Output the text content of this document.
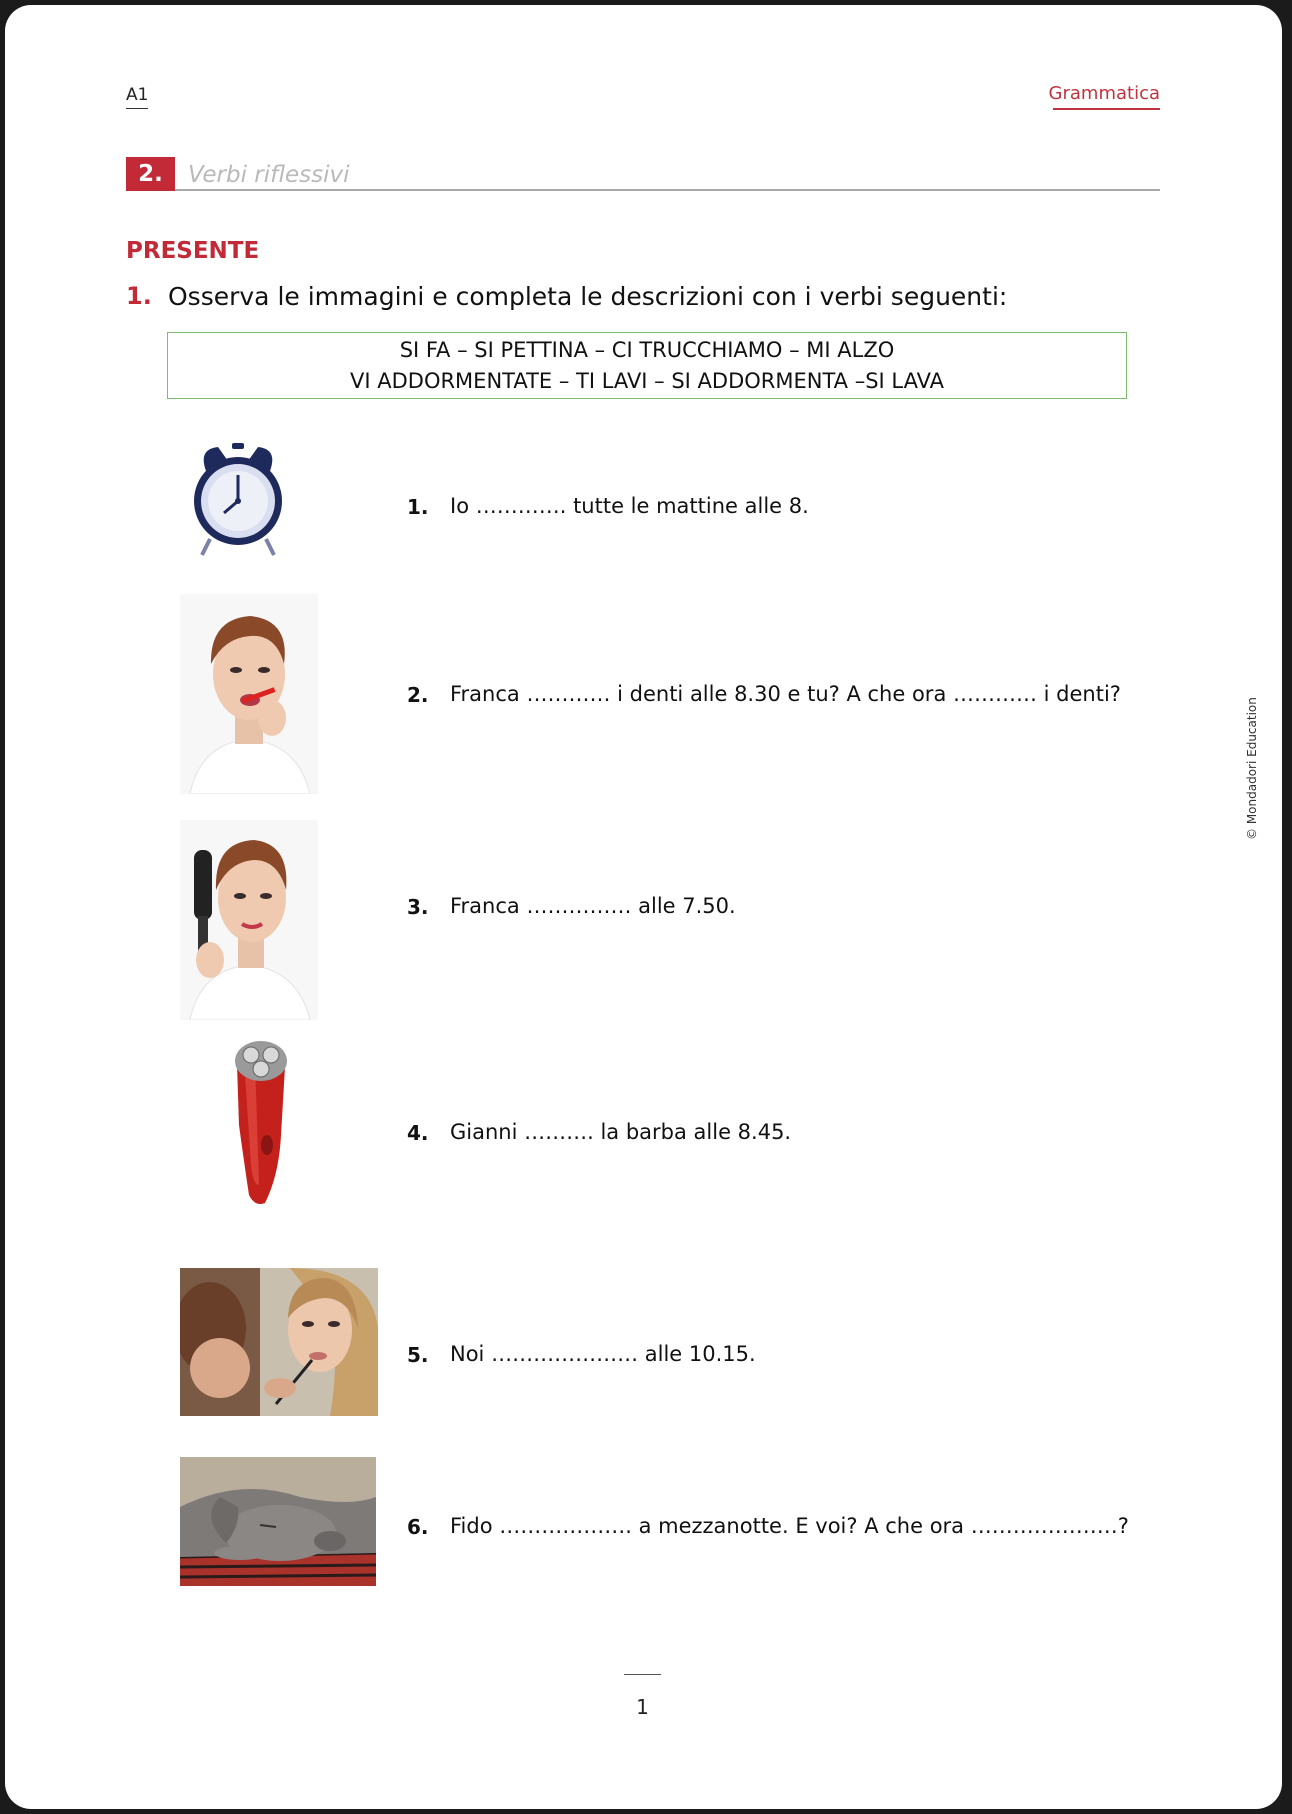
A1	Grammatica
2.	Verbi riflessivi
PRESENTE
1. Osserva le immagini e completa le descrizioni con i verbi seguenti:
SI FA – SI PETTINA – CI TRUCCHIAMO – MI ALZO
VI ADDORMENTATE – TI LAVI – SI ADDORMENTA –SI LAVA
1. Io …………. tutte le mattine alle 8.
2. Franca ………… i denti alle 8.30 e tu? A che ora ………… i denti?
3. Franca …………… alle 7.50.
4. Gianni ………. la barba alle 8.45.
5. Noi ………………… alle 10.15.
6. Fido ………………. a mezzanotte. E voi? A che ora …………………?
© Mondadori Education
1
